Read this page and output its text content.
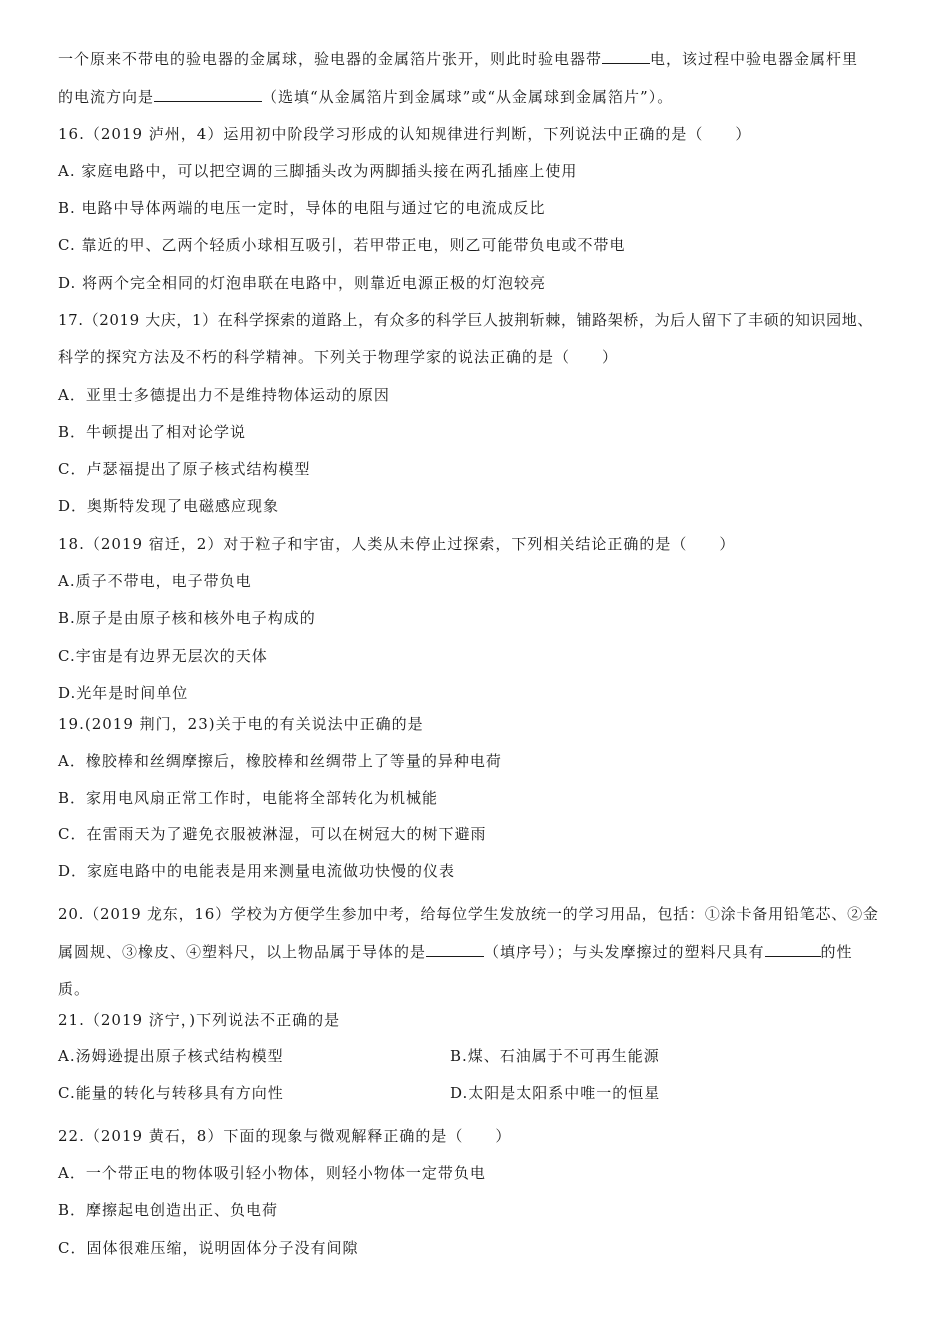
一个原来不带电的验电器的金属球，验电器的金属箔片张开，则此时验电器带	电，该过程中验电器金属杆里
的电流方向是	（选填“从金属箔片到金属球”或“从金属球到金属箔片”）。
16.（2019 泸州，4）运用初中阶段学习形成的认知规律进行判断，下列说法中正确的是（　　）
A. 家庭电路中，可以把空调的三脚插头改为两脚插头接在两孔插座上使用
B. 电路中导体两端的电压一定时，导体的电阻与通过它的电流成反比
C. 靠近的甲、乙两个轻质小球相互吸引，若甲带正电，则乙可能带负电或不带电
D. 将两个完全相同的灯泡串联在电路中，则靠近电源正极的灯泡较亮
17.（2019 大庆，1）在科学探索的道路上，有众多的科学巨人披荆斩棘，铺路架桥，为后人留下了丰硕的知识园地、
科学的探究方法及不朽的科学精神。下列关于物理学家的说法正确的是（　　）
A．亚里士多德提出力不是维持物体运动的原因
B．牛顿提出了相对论学说
C．卢瑟福提出了原子核式结构模型
D．奥斯特发现了电磁感应现象
18.（2019 宿迁，2）对于粒子和宇宙，人类从未停止过探索，下列相关结论正确的是（　　）
A.质子不带电，电子带负电
B.原子是由原子核和核外电子构成的
C.宇宙是有边界无层次的天体
D.光年是时间单位
19.(2019 荆门，23)关于电的有关说法中正确的是
A．橡胶棒和丝绸摩擦后，橡胶棒和丝绸带上了等量的异种电荷
B．家用电风扇正常工作时，电能将全部转化为机械能
C．在雷雨天为了避免衣服被淋湿，可以在树冠大的树下避雨
D．家庭电路中的电能表是用来测量电流做功快慢的仪表
20.（2019 龙东，16）学校为方便学生参加中考，给每位学生发放统一的学习用品，包括：①涂卡备用铅笔芯、②金
属圆规、③橡皮、④塑料尺，以上物品属于导体的是	（填序号）；与头发摩擦过的塑料尺具有	的性
质。
21.（2019 济宁，)下列说法不正确的是
A.汤姆逊提出原子核式结构模型	B.煤、石油属于不可再生能源
C.能量的转化与转移具有方向性	D.太阳是太阳系中唯一的恒星
22.（2019 黄石，8）下面的现象与微观解释正确的是（　　）
A．一个带正电的物体吸引轻小物体，则轻小物体一定带负电
B．摩擦起电创造出正、负电荷
C．固体很难压缩，说明固体分子没有间隙
